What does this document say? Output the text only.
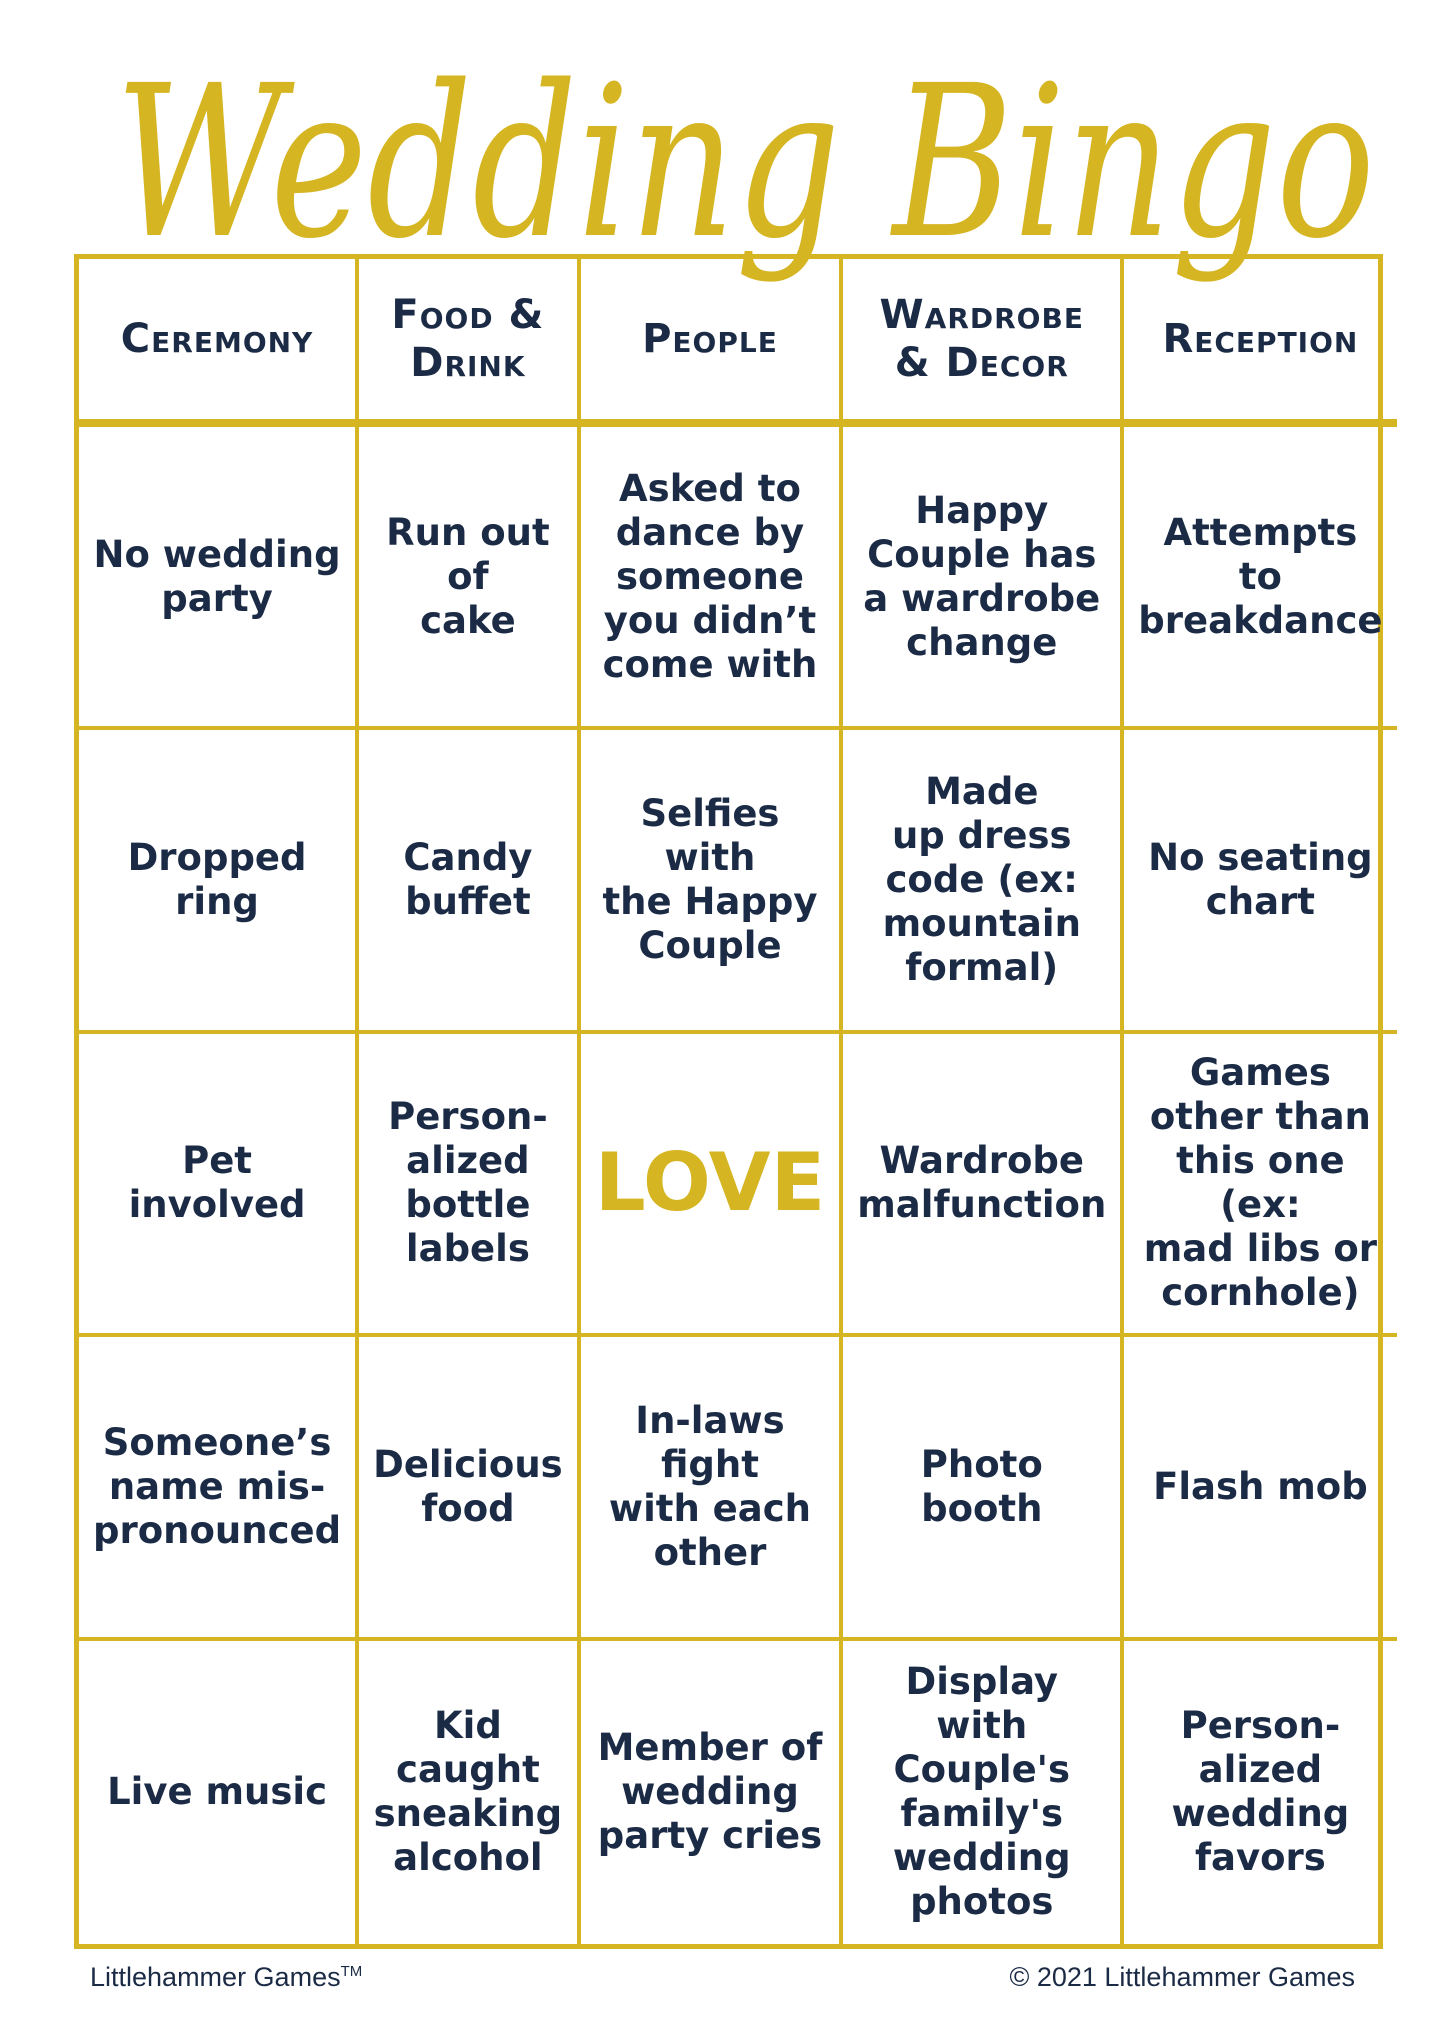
Wedding Bingo
Ceremony
Food &
Drink
People
Wardrobe
& Decor
Reception
No wedding
party
Run out of
cake
Asked to
dance by
someone
you didn’t
come with
Happy
Couple has
a wardrobe
change
Attempts to
breakdance
Dropped
ring
Candy
buffet
Selfies with
the Happy
Couple
Made
up dress
code (ex:
mountain
formal)
No seating
chart
Pet involved
Person-
alized
bottle labels
LOVE	Wardrobe
malfunction
Games
other than
this one (ex:
mad libs or
cornhole)
Someone’s
name mis-
pronounced
Delicious
food
In-laws fight
with each
other
Photo
booth
Flash mob
Live music
Kid caught
sneaking
alcohol
Member of
wedding
party cries
Display with
Couple's
family's
wedding
photos
Person-
alized
wedding
favors
Littlehammer Games™	© 2021 Littlehammer Games
